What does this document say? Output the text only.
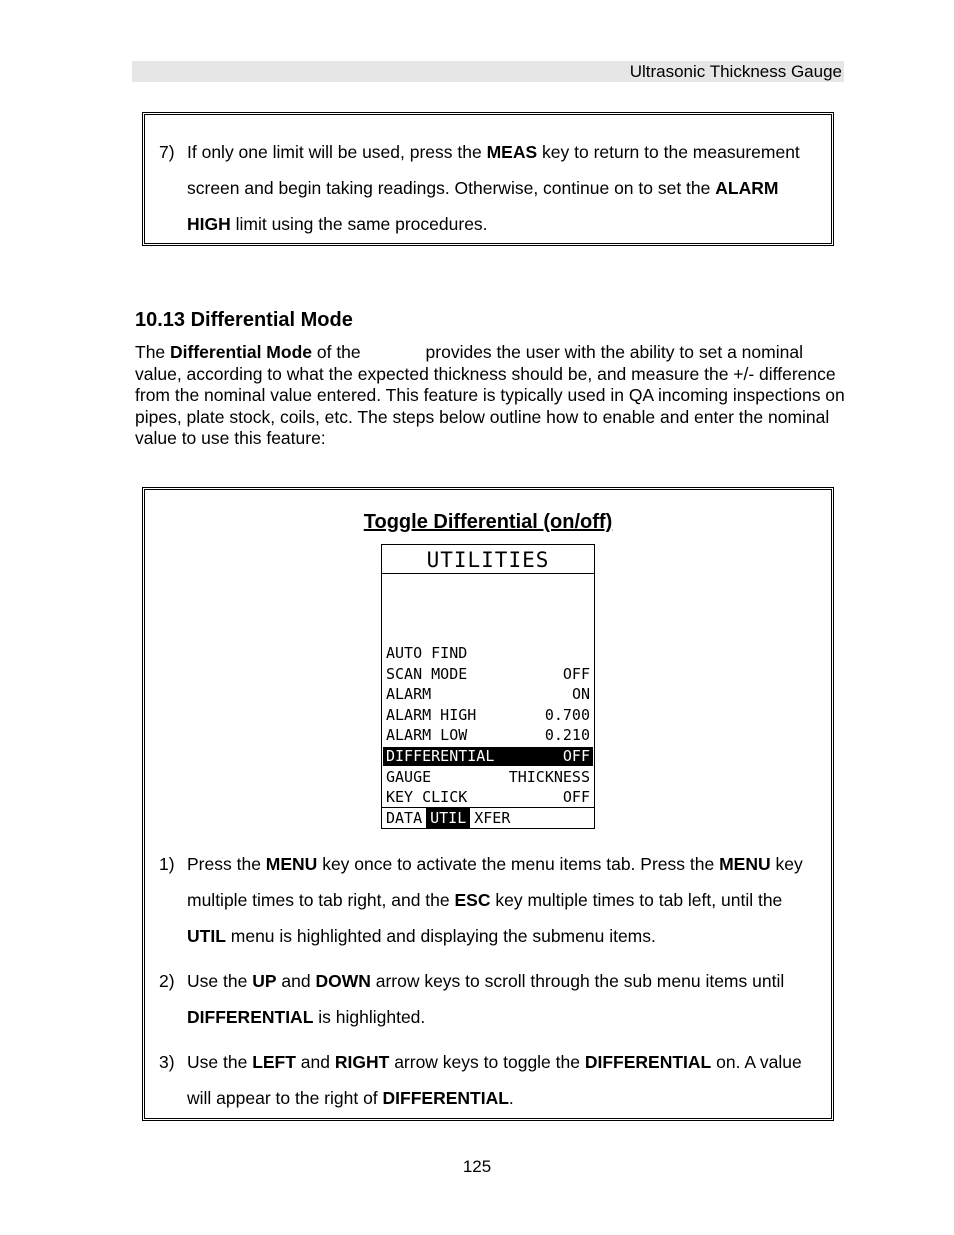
Ultrasonic Thickness Gauge
7) If only one limit will be used, press the MEAS key to return to the measurement screen and begin taking readings. Otherwise, continue on to set the ALARM HIGH limit using the same procedures.
10.13 Differential Mode
The Differential Mode of the	provides the user with the ability to set a nominal value, according to what the expected thickness should be, and measure the +/- difference from the nominal value entered. This feature is typically used in QA incoming inspections on pipes, plate stock, coils, etc. The steps below outline how to enable and enter the nominal value to use this feature:
Toggle Differential (on/off)
UTILITIES
AUTO FIND
SCAN MODE	OFF
ALARM	ON
ALARM HIGH	0.700
ALARM LOW	0.210
DIFFERENTIAL	OFF
GAUGE	THICKNESS
KEY CLICK	OFF
DATA UTIL XFER
1) Press the MENU key once to activate the menu items tab. Press the MENU key multiple times to tab right, and the ESC key multiple times to tab left, until the UTIL menu is highlighted and displaying the submenu items.
2) Use the UP and DOWN arrow keys to scroll through the sub menu items until DIFFERENTIAL is highlighted.
3) Use the LEFT and RIGHT arrow keys to toggle the DIFFERENTIAL on. A value will appear to the right of DIFFERENTIAL.
125
